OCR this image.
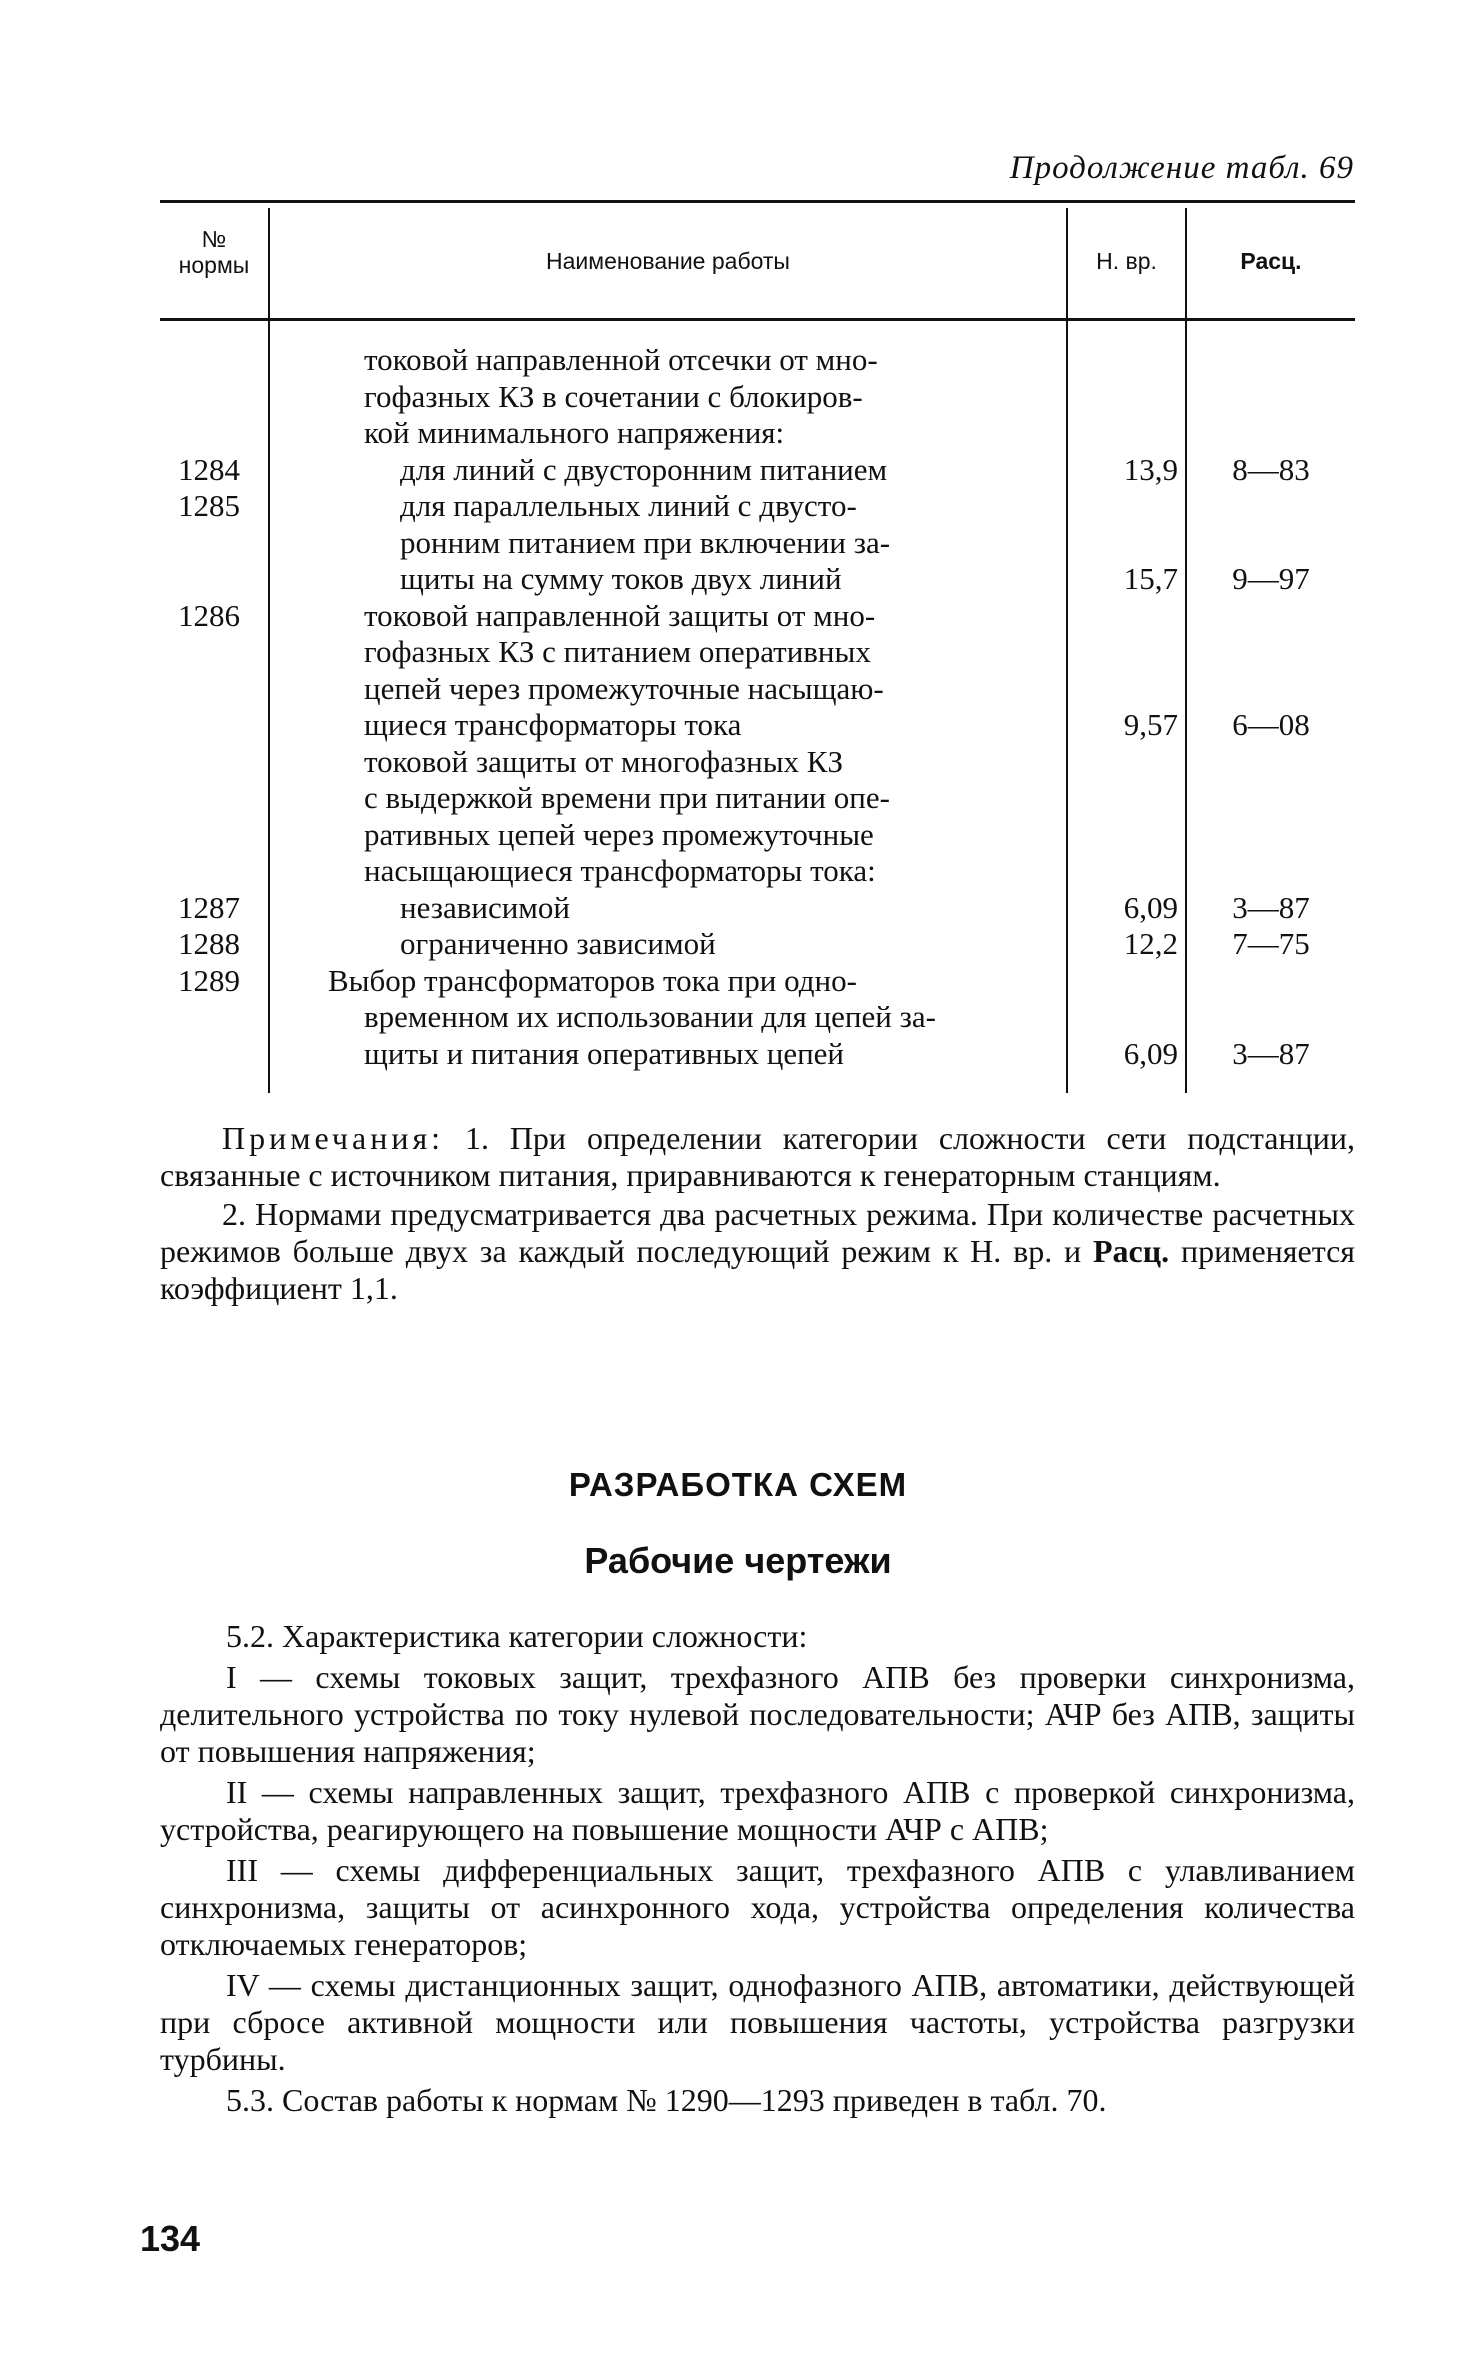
Продолжение табл. 69
№
нормы	Наименование работы	Н. вр.	Расц.
токовой направленной отсечки от мно-
гофазных КЗ в сочетании с блокиров-
кой минимального напряжения:
1284	для линий с двусторонним питанием	13,9	8—83
1285	для параллельных линий с двусто-
ронним питанием при включении за-
щиты на сумму токов двух линий	15,7	9—97
1286	токовой направленной защиты от мно-
гофазных КЗ с питанием оперативных
цепей через промежуточные насыщаю-
щиеся трансформаторы тока	9,57	6—08
токовой защиты от многофазных КЗ
с выдержкой времени при питании опе-
ративных цепей через промежуточные
насыщающиеся трансформаторы тока:
1287	независимой	6,09	3—87
1288	ограниченно зависимой	12,2	7—75
1289	Выбор трансформаторов тока при одно-
временном их использовании для цепей за-
щиты и питания оперативных цепей	6,09	3—87

Примечания: 1. При определении категории сложности сети подстанции, связанные с источником питания, приравниваются к генераторным станциям.

2. Нормами предусматривается два расчетных режима. При количестве расчетных режимов больше двух за каждый последующий режим к Н. вр. и Расц. применяется коэффициент 1,1.

РАЗРАБОТКА СХЕМ
Рабочие чертежи

5.2. Характеристика категории сложности:

I — схемы токовых защит, трехфазного АПВ без проверки синхронизма, делительного устройства по току нулевой последовательности; АЧР без АПВ, защиты от повышения напряжения;

II — схемы направленных защит, трехфазного АПВ с проверкой синхронизма, устройства, реагирующего на повышение мощности АЧР с АПВ;

III — схемы дифференциальных защит, трехфазного АПВ с улавливанием синхронизма, защиты от асинхронного хода, устройства определения количества отключаемых генераторов;

IV — схемы дистанционных защит, однофазного АПВ, автоматики, действующей при сбросе активной мощности или повышения частоты, устройства разгрузки турбины.

5.3. Состав работы к нормам № 1290—1293 приведен в табл. 70.

134
